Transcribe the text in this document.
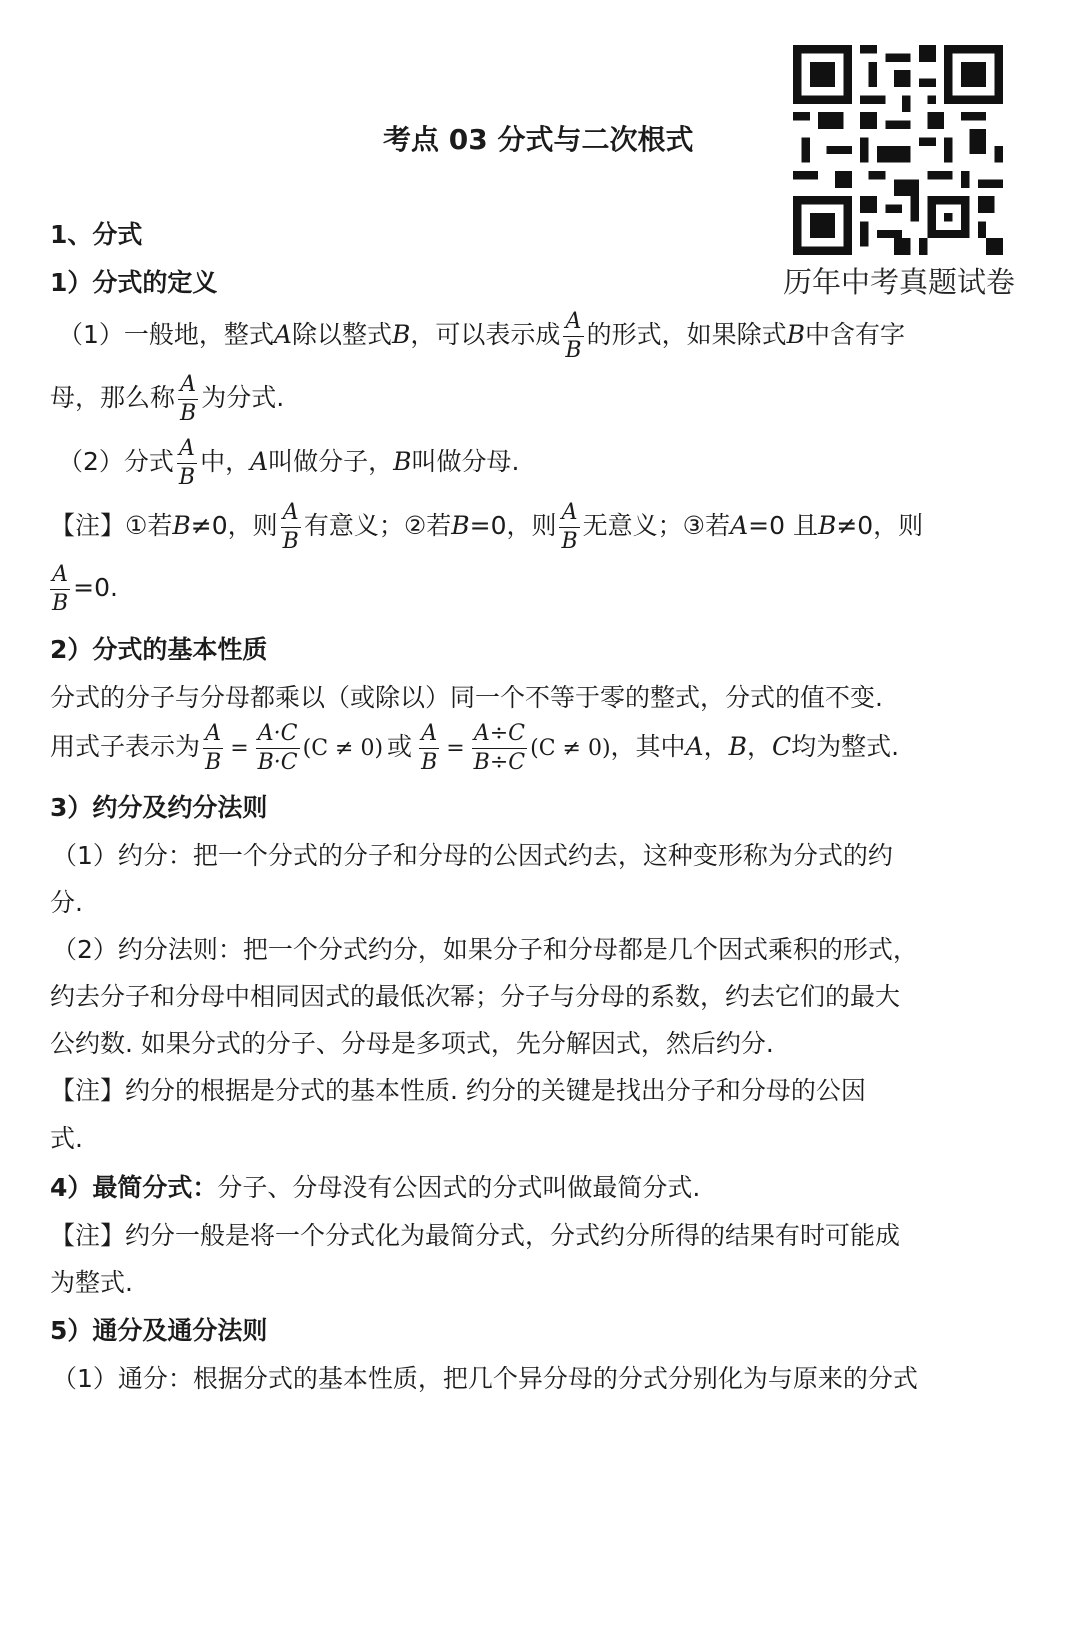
考点 03 分式与二次根式
历年中考真题试卷
1、分式
1）分式的定义
（1）一般地，整式A除以整式B，可以表示成 $\frac{A}{B}$ 的形式，如果除式B中含有字
母，那么称 $\frac{A}{B}$ 为分式.
（2）分式 $\frac{A}{B}$ 中，A叫做分子，B叫做分母.
【注】①若B≠0，则 $\frac{A}{B}$ 有意义；②若B=0，则 $\frac{A}{B}$ 无意义；③若A=0 且B≠0，则
$\frac{A}{B} =0$.
2）分式的基本性质
分式的分子与分母都乘以（或除以）同一个不等于零的整式，分式的值不变.
用式子表示为 $\frac{A}{B} = \frac{A\cdot C}{B\cdot C} (C \ne 0)$ 或 $\frac{A}{B} = \frac{A\div C}{B\div C} (C \ne 0)$，其中A，B，C均为整式.
3）约分及约分法则
（1）约分：把一个分式的分子和分母的公因式约去，这种变形称为分式的约
分.
（2）约分法则：把一个分式约分，如果分子和分母都是几个因式乘积的形式，
约去分子和分母中相同因式的最低次幂；分子与分母的系数，约去它们的最大
公约数. 如果分式的分子、分母是多项式，先分解因式，然后约分.
【注】约分的根据是分式的基本性质. 约分的关键是找出分子和分母的公因
式.
4）最简分式：分子、分母没有公因式的分式叫做最简分式.
【注】约分一般是将一个分式化为最简分式，分式约分所得的结果有时可能成
为整式.
5）通分及通分法则
（1）通分：根据分式的基本性质，把几个异分母的分式分别化为与原来的分式
